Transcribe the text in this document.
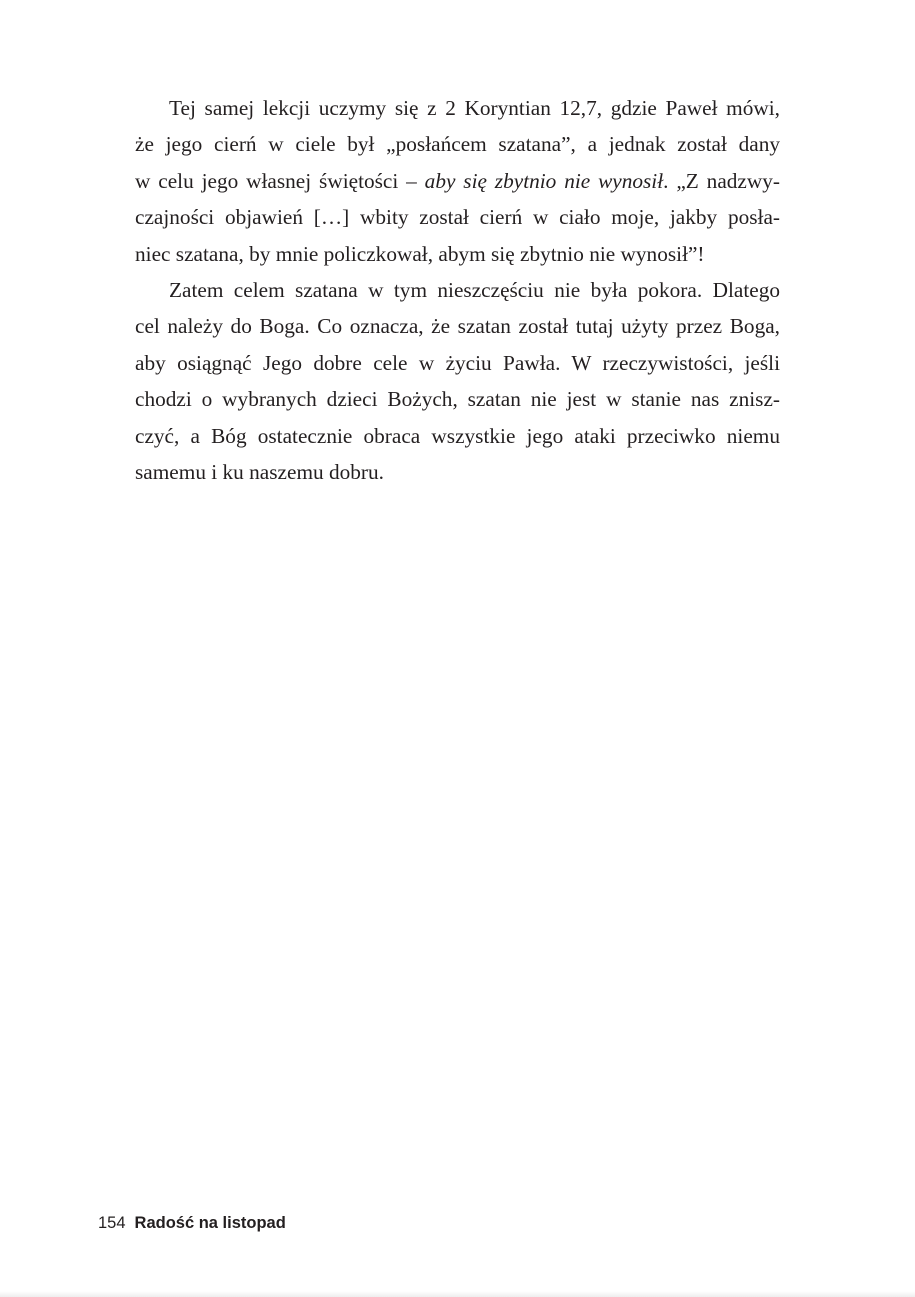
Tej samej lekcji uczymy się z 2 Koryntian 12,7, gdzie Paweł mówi,
że jego cierń w ciele był „posłańcem szatana”, a jednak został dany
w celu jego własnej świętości – aby się zbytnio nie wynosił. „Z nadzwy-
czajności objawień […] wbity został cierń w ciało moje, jakby posła-
niec szatana, by mnie policzkował, abym się zbytnio nie wynosił”!

Zatem celem szatana w tym nieszczęściu nie była pokora. Dlatego
cel należy do Boga. Co oznacza, że szatan został tutaj użyty przez Boga,
aby osiągnąć Jego dobre cele w życiu Pawła. W rzeczywistości, jeśli
chodzi o wybranych dzieci Bożych, szatan nie jest w stanie nas znisz-
czyć, a Bóg ostatecznie obraca wszystkie jego ataki przeciwko niemu
samemu i ku naszemu dobru.

154 Radość na listopad
